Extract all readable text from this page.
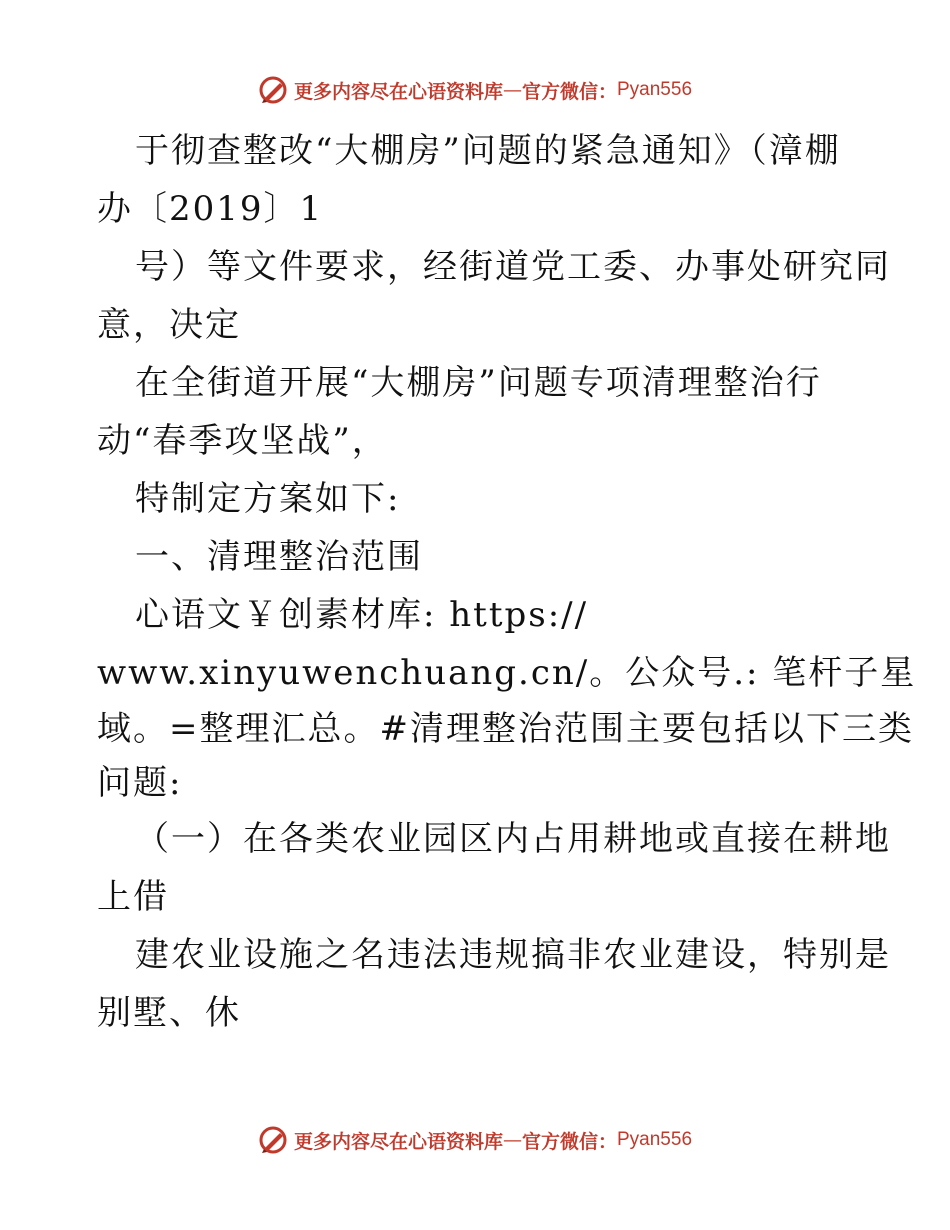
更多内容尽在心语资料库 — 官方微信： Pyan556
于彻查整改“大棚房”问题的紧急通知》（漳棚
办〔2019〕1
号）等文件要求，经街道党工委、办事处研究同
意，决定
在全街道开展“大棚房”问题专项清理整治行
动“春季攻坚战”，
特制定方案如下:
一、清理整治范围
心语文￥创素材库: https://
www.xinyuwenchuang.cn/。公众号.: 笔杆子星
域。=整理汇总。#清理整治范围主要包括以下三类
问题:
（一）在各类农业园区内占用耕地或直接在耕地
上借
建农业设施之名违法违规搞非农业建设，特别是
别墅、休
更多内容尽在心语资料库 — 官方微信： Pyan556
